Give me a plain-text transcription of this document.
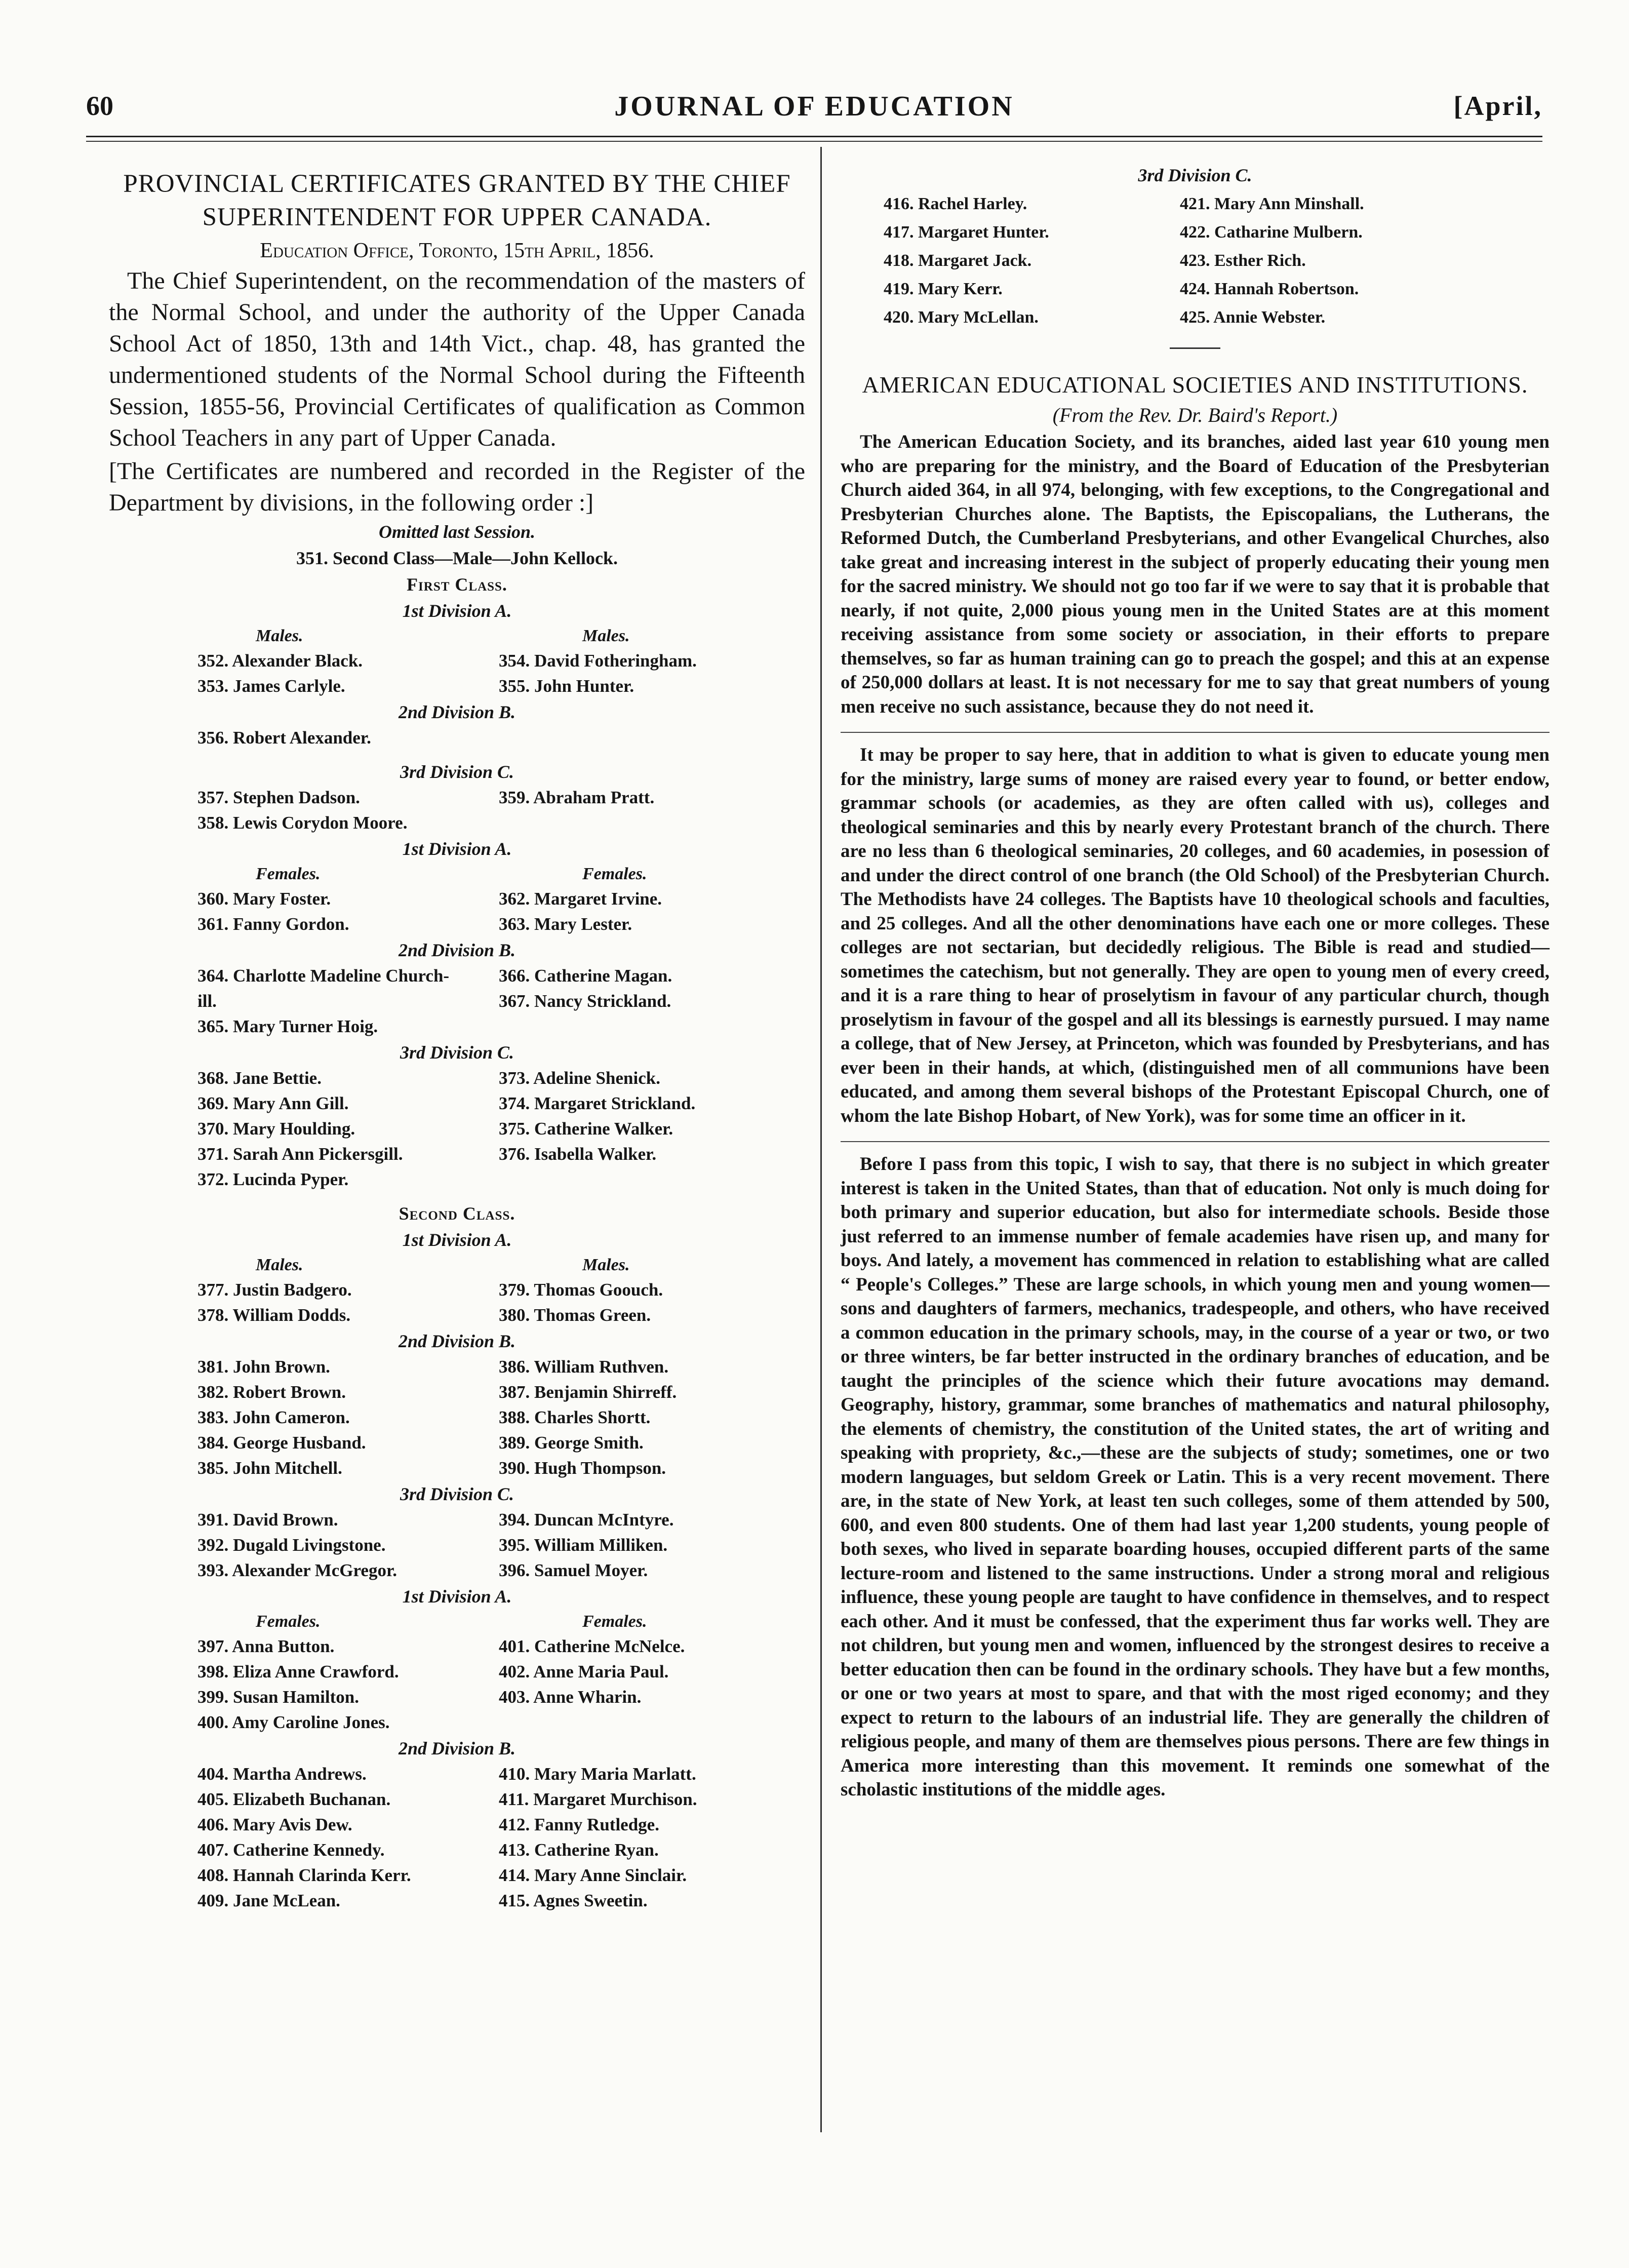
60	JOURNAL OF EDUCATION	[April,
PROVINCIAL CERTIFICATES GRANTED BY THE CHIEF SUPERINTENDENT FOR UPPER CANADA.
Education Office, Toronto, 15th April, 1856.

The Chief Superintendent, on the recommendation of the masters of the Normal School, and under the authority of the Upper Canada School Act of 1850, 13th and 14th Vict., chap. 48, has granted the undermentioned students of the Normal School during the Fifteenth Session, 1855-56, Provincial Certificates of qualification as Common School Teachers in any part of Upper Canada.

[The Certificates are numbered and recorded in the Register of the Department by divisions, in the following order :]

Omitted last Session.
351. Second Class—Male—John Kellock.
First Class.
1st Division A.
Males.	Males.
352. Alexander Black.	354. David Fotheringham.
353. James Carlyle.	355. John Hunter.
2nd Division B.
356. Robert Alexander.
3rd Division C.
357. Stephen Dadson.	359. Abraham Pratt.
358. Lewis Corydon Moore.
1st Division A.
Females.	Females.
360. Mary Foster.	362. Margaret Irvine.
361. Fanny Gordon.	363. Mary Lester.
2nd Division B.
364. Charlotte Madeline Church-	366. Catherine Magan.
ill.	367. Nancy Strickland.
365. Mary Turner Hoig.
3rd Division C.
368. Jane Bettie.	373. Adeline Shenick.
369. Mary Ann Gill.	374. Margaret Strickland.
370. Mary Houlding.	375. Catherine Walker.
371. Sarah Ann Pickersgill.	376. Isabella Walker.
372. Lucinda Pyper.
Second Class.
1st Division A.
Males.	Males.
377. Justin Badgero.	379. Thomas Goouch.
378. William Dodds.	380. Thomas Green.
2nd Division B.
381. John Brown.	386. William Ruthven.
382. Robert Brown.	387. Benjamin Shirreff.
383. John Cameron.	388. Charles Shortt.
384. George Husband.	389. George Smith.
385. John Mitchell.	390. Hugh Thompson.
3rd Division C.
391. David Brown.	394. Duncan McIntyre.
392. Dugald Livingstone.	395. William Milliken.
393. Alexander McGregor.	396. Samuel Moyer.
1st Division A.
Females.	Females.
397. Anna Button.	401. Catherine McNelce.
398. Eliza Anne Crawford.	402. Anne Maria Paul.
399. Susan Hamilton.	403. Anne Wharin.
400. Amy Caroline Jones.
2nd Division B.
404. Martha Andrews.	410. Mary Maria Marlatt.
405. Elizabeth Buchanan.	411. Margaret Murchison.
406. Mary Avis Dew.	412. Fanny Rutledge.
407. Catherine Kennedy.	413. Catherine Ryan.
408. Hannah Clarinda Kerr.	414. Mary Anne Sinclair.
409. Jane McLean.	415. Agnes Sweetin.
3rd Division C.
416. Rachel Harley.	421. Mary Ann Minshall.
417. Margaret Hunter.	422. Catharine Mulbern.
418. Margaret Jack.	423. Esther Rich.
419. Mary Kerr.	424. Hannah Robertson.
420. Mary McLellan.	425. Annie Webster.
AMERICAN EDUCATIONAL SOCIETIES AND INSTITUTIONS.
(From the Rev. Dr. Baird's Report.)

The American Education Society, and its branches, aided last year 610 young men who are preparing for the ministry, and the Board of Education of the Presbyterian Church aided 364, in all 974, belonging, with few exceptions, to the Congregational and Presbyterian Churches alone. The Baptists, the Episcopalians, the Lutherans, the Reformed Dutch, the Cumberland Presbyterians, and other Evangelical Churches, also take great and increasing interest in the subject of properly educating their young men for the sacred ministry. We should not go too far if we were to say that it is probable that nearly, if not quite, 2,000 pious young men in the United States are at this moment receiving assistance from some society or association, in their efforts to prepare themselves, so far as human training can go to preach the gospel; and this at an expense of 250,000 dollars at least. It is not necessary for me to say that great numbers of young men receive no such assistance, because they do not need it.

It may be proper to say here, that in addition to what is given to educate young men for the ministry, large sums of money are raised every year to found, or better endow, grammar schools (or academies, as they are often called with us), colleges and theological seminaries and this by nearly every Protestant branch of the church. There are no less than 6 theological seminaries, 20 colleges, and 60 academies, in posession of and under the direct control of one branch (the Old School) of the Presbyterian Church. The Methodists have 24 colleges. The Baptists have 10 theological schools and faculties, and 25 colleges. And all the other denominations have each one or more colleges. These colleges are not sectarian, but decidedly religious. The Bible is read and studied—sometimes the catechism, but not generally. They are open to young men of every creed, and it is a rare thing to hear of proselytism in favour of any particular church, though proselytism in favour of the gospel and all its blessings is earnestly pursued. I may name a college, that of New Jersey, at Princeton, which was founded by Presbyterians, and has ever been in their hands, at which, (distinguished men of all communions have been educated, and among them several bishops of the Protestant Episcopal Church, one of whom the late Bishop Hobart, of New York), was for some time an officer in it.

Before I pass from this topic, I wish to say, that there is no subject in which greater interest is taken in the United States, than that of education. Not only is much doing for both primary and superior education, but also for intermediate schools. Beside those just referred to an immense number of female academies have risen up, and many for boys. And lately, a movement has commenced in relation to establishing what are called “ People's Colleges.” These are large schools, in which young men and young women—sons and daughters of farmers, mechanics, tradespeople, and others, who have received a common education in the primary schools, may, in the course of a year or two, or two or three winters, be far better instructed in the ordinary branches of education, and be taught the principles of the science which their future avocations may demand. Geography, history, grammar, some branches of mathematics and natural philosophy, the elements of chemistry, the constitution of the United states, the art of writing and speaking with propriety, &c.,—these are the subjects of study; sometimes, one or two modern languages, but seldom Greek or Latin. This is a very recent movement. There are, in the state of New York, at least ten such colleges, some of them attended by 500, 600, and even 800 students. One of them had last year 1,200 students, young people of both sexes, who lived in separate boarding houses, occupied different parts of the same lecture-room and listened to the same instructions. Under a strong moral and religious influence, these young people are taught to have confidence in themselves, and to respect each other. And it must be confessed, that the experiment thus far works well. They are not children, but young men and women, influenced by the strongest desires to receive a better education then can be found in the ordinary schools. They have but a few months, or one or two years at most to spare, and that with the most riged economy; and they expect to return to the labours of an industrial life. They are generally the children of religious people, and many of them are themselves pious persons. There are few things in America more interesting than this movement. It reminds one somewhat of the scholastic institutions of the middle ages.
